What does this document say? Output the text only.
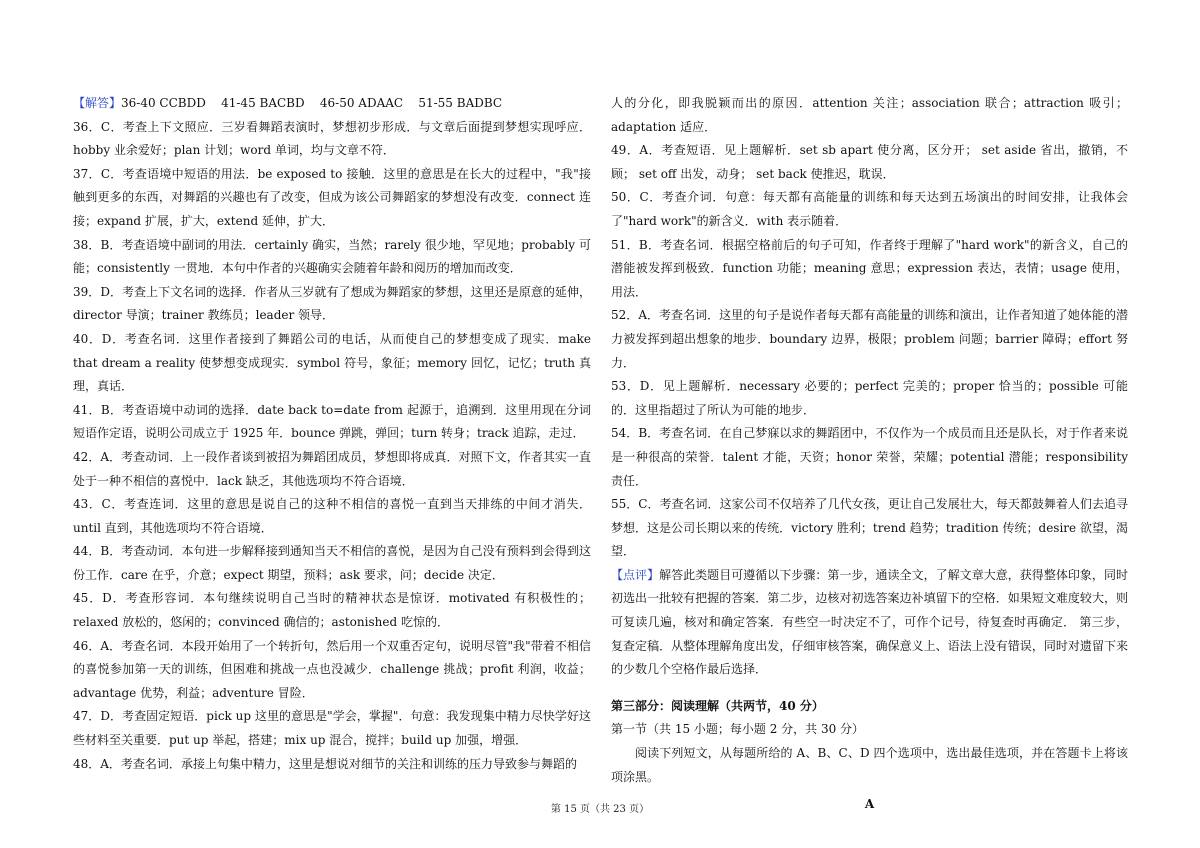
【解答】36-40 CCBDD    41-45 BACBD    46-50 ADAAC    51-55 BADBC

36．C．考查上下文照应．三岁看舞蹈表演时，梦想初步形成．与文章后面提到梦想实现呼应．hobby 业余爱好；plan 计划；word 单词，均与文章不符．

37．C．考查语境中短语的用法．be exposed to 接触．这里的意思是在长大的过程中，"我"接触到更多的东西，对舞蹈的兴趣也有了改变，但成为该公司舞蹈家的梦想没有改变．connect 连接；expand 扩展，扩大，extend 延伸，扩大．

38．B．考查语境中副词的用法．certainly 确实，当然；rarely 很少地，罕见地；probably 可能；consistently 一贯地．本句中作者的兴趣确实会随着年龄和阅历的增加而改变．

39．D．考查上下文名词的选择．作者从三岁就有了想成为舞蹈家的梦想，这里还是原意的延伸，director 导演；trainer 教练员；leader 领导．

40．D．考查名词．这里作者接到了舞蹈公司的电话，从而使自己的梦想变成了现实．make that dream a reality 使梦想变成现实．symbol 符号，象征；memory 回忆，记忆；truth 真理，真话．

41．B．考查语境中动词的选择．date back to=date from 起源于，追溯到．这里用现在分词短语作定语，说明公司成立于 1925 年．bounce 弹跳，弹回；turn 转身；track 追踪，走过．

42．A．考查动词．上一段作者谈到被招为舞蹈团成员，梦想即将成真．对照下文，作者其实一直处于一种不相信的喜悦中．lack 缺乏，其他选项均不符合语境．

43．C．考查连词．这里的意思是说自己的这种不相信的喜悦一直到当天排练的中间才消失．until 直到，其他选项均不符合语境．

44．B．考查动词．本句进一步解释接到通知当天不相信的喜悦，是因为自己没有预料到会得到这份工作．care 在乎，介意；expect 期望，预料；ask 要求，问；decide 决定．

45．D．考查形容词．本句继续说明自己当时的精神状态是惊讶．motivated 有积极性的；relaxed 放松的，悠闲的；convinced 确信的；astonished 吃惊的．

46．A．考查名词．本段开始用了一个转折句，然后用一个双重否定句，说明尽管"我"带着不相信的喜悦参加第一天的训练，但困难和挑战一点也没减少．challenge 挑战；profit 利润，收益；advantage 优势，利益；adventure 冒险．

47．D．考查固定短语．pick up 这里的意思是"学会，掌握"．句意：我发现集中精力尽快学好这些材料至关重要．put up 举起，搭建；mix up 混合，搅拌；build up 加强，增强．

48．A．考查名词．承接上句集中精力，这里是想说对细节的关注和训练的压力导致参与舞蹈的

人的分化，即我脱颖而出的原因．attention 关注；association 联合；attraction 吸引；adaptation 适应．

49．A．考查短语．见上题解析．set sb apart 使分离，区分开； set aside 省出，撤销，不顾； set off 出发，动身； set back 使推迟，耽误．

50．C．考查介词．句意：每天都有高能量的训练和每天达到五场演出的时间安排，让我体会了"hard work"的新含义．with 表示随着．

51．B．考查名词．根据空格前后的句子可知，作者终于理解了"hard work"的新含义，自己的潜能被发挥到极致．function 功能；meaning 意思；expression 表达，表情；usage 使用，用法．

52．A．考查名词．这里的句子是说作者每天都有高能量的训练和演出，让作者知道了她体能的潜力被发挥到超出想象的地步．boundary 边界，极限；problem 问题；barrier 障碍；effort 努力．

53．D．见上题解析．necessary 必要的；perfect 完美的；proper 恰当的；possible 可能的．这里指超过了所认为可能的地步．

54．B．考查名词．在自己梦寐以求的舞蹈团中，不仅作为一个成员而且还是队长，对于作者来说是一种很高的荣誉．talent 才能，天资；honor 荣誉，荣耀；potential 潜能；responsibility 责任．

55．C．考查名词．这家公司不仅培养了几代女孩，更让自己发展壮大，每天都鼓舞着人们去追寻梦想．这是公司长期以来的传统．victory 胜利；trend 趋势；tradition 传统；desire 欲望，渴望．

【点评】解答此类题目可遵循以下步骤：第一步，通读全文，了解文章大意，获得整体印象，同时初选出一批较有把握的答案．第二步，边核对初选答案边补填留下的空格．如果短文难度较大，则可复读几遍，核对和确定答案．有些空一时决定不了，可作个记号，待复查时再确定． 第三步，复查定稿．从整体理解角度出发，仔细审核答案，确保意义上、语法上没有错误，同时对遗留下来的少数几个空格作最后选择．

第三部分：阅读理解（共两节，40 分）

第一节（共 15 小题；每小题 2 分，共 30 分）

阅读下列短文，从每题所给的 A、B、C、D 四个选项中，选出最佳选项，并在答题卡上将该项涂黑。

A

第 15 页（共 23 页）
